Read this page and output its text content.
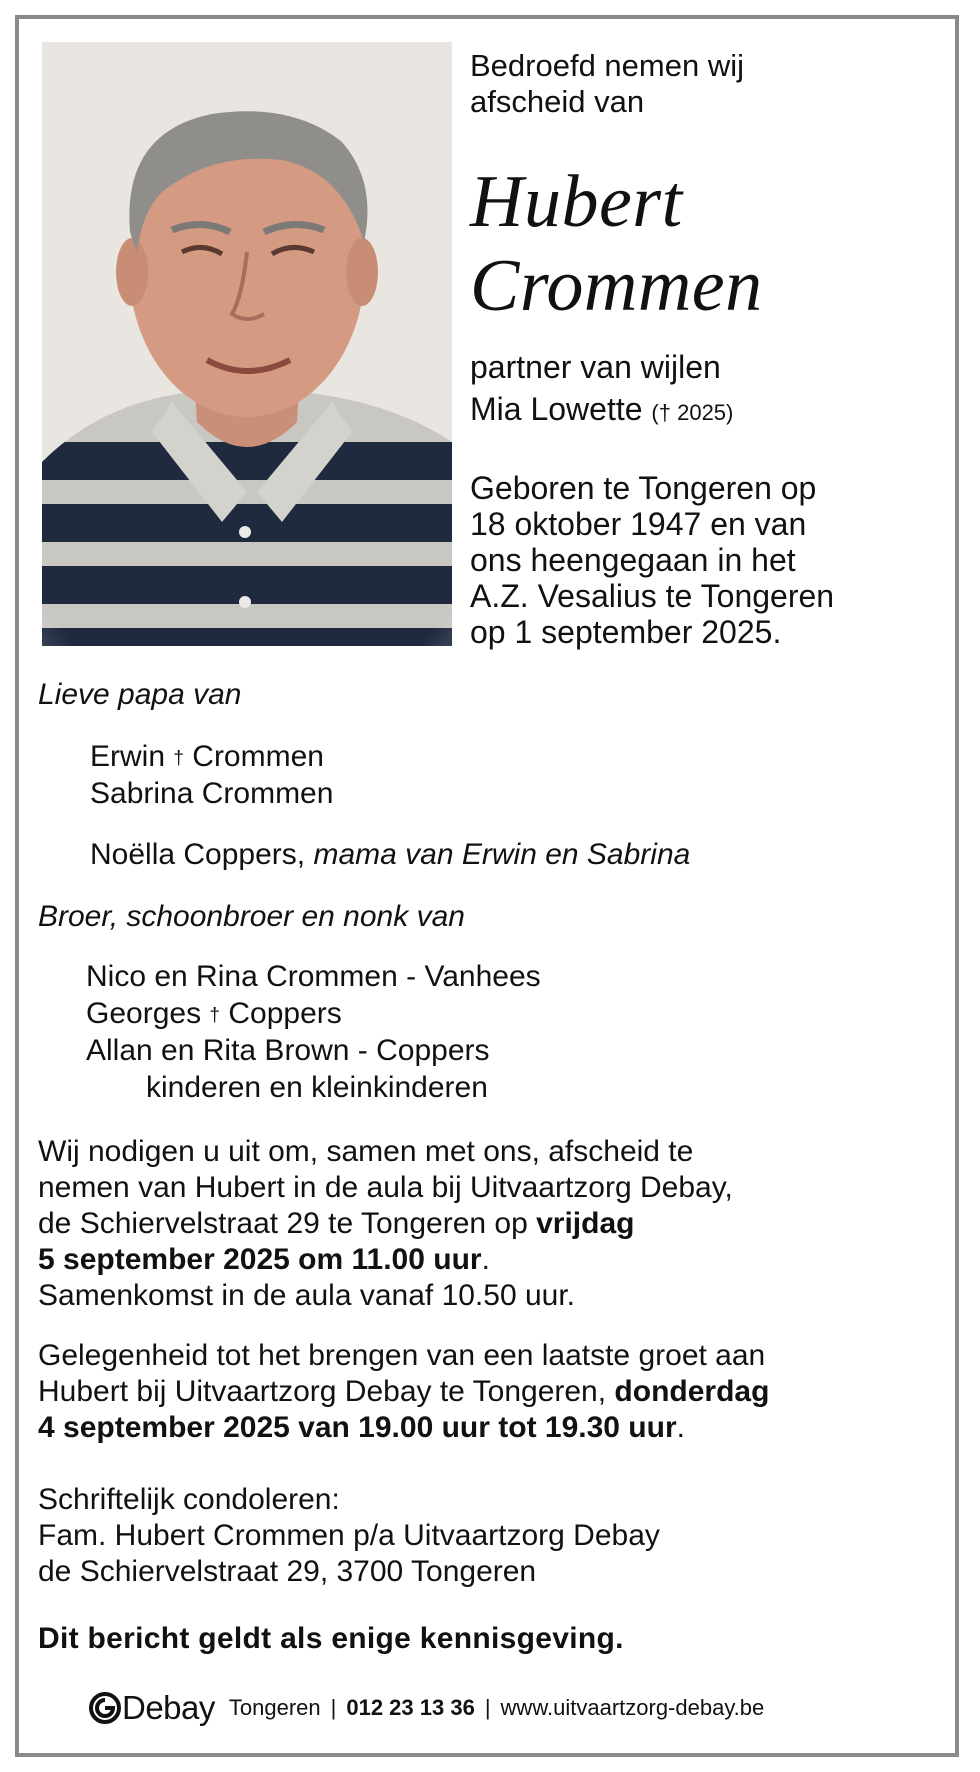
Bedroefd nemen wij
afscheid van
Hubert
Crommen
partner van wijlen
Mia Lowette († 2025)
Geboren te Tongeren op
18 oktober 1947 en van
ons heengegaan in het
A.Z. Vesalius te Tongeren
op 1 september 2025.
Lieve papa van
Erwin † Crommen
Sabrina Crommen
Noëlla Coppers, mama van Erwin en Sabrina
Broer, schoonbroer en nonk van
Nico en Rina Crommen - Vanhees
Georges † Coppers
Allan en Rita Brown - Coppers
kinderen en kleinkinderen
Wij nodigen u uit om, samen met ons, afscheid te
nemen van Hubert in de aula bij Uitvaartzorg Debay,
de Schiervelstraat 29 te Tongeren op vrijdag
5 september 2025 om 11.00 uur.
Samenkomst in de aula vanaf 10.50 uur.
Gelegenheid tot het brengen van een laatste groet aan
Hubert bij Uitvaartzorg Debay te Tongeren, donderdag
4 september 2025 van 19.00 uur tot 19.30 uur.
Schriftelijk condoleren:
Fam. Hubert Crommen p/a Uitvaartzorg Debay
de Schiervelstraat 29, 3700 Tongeren
Dit bericht geldt als enige kennisgeving.
Debay Tongeren | 012 23 13 36 | www.uitvaartzorg-debay.be
